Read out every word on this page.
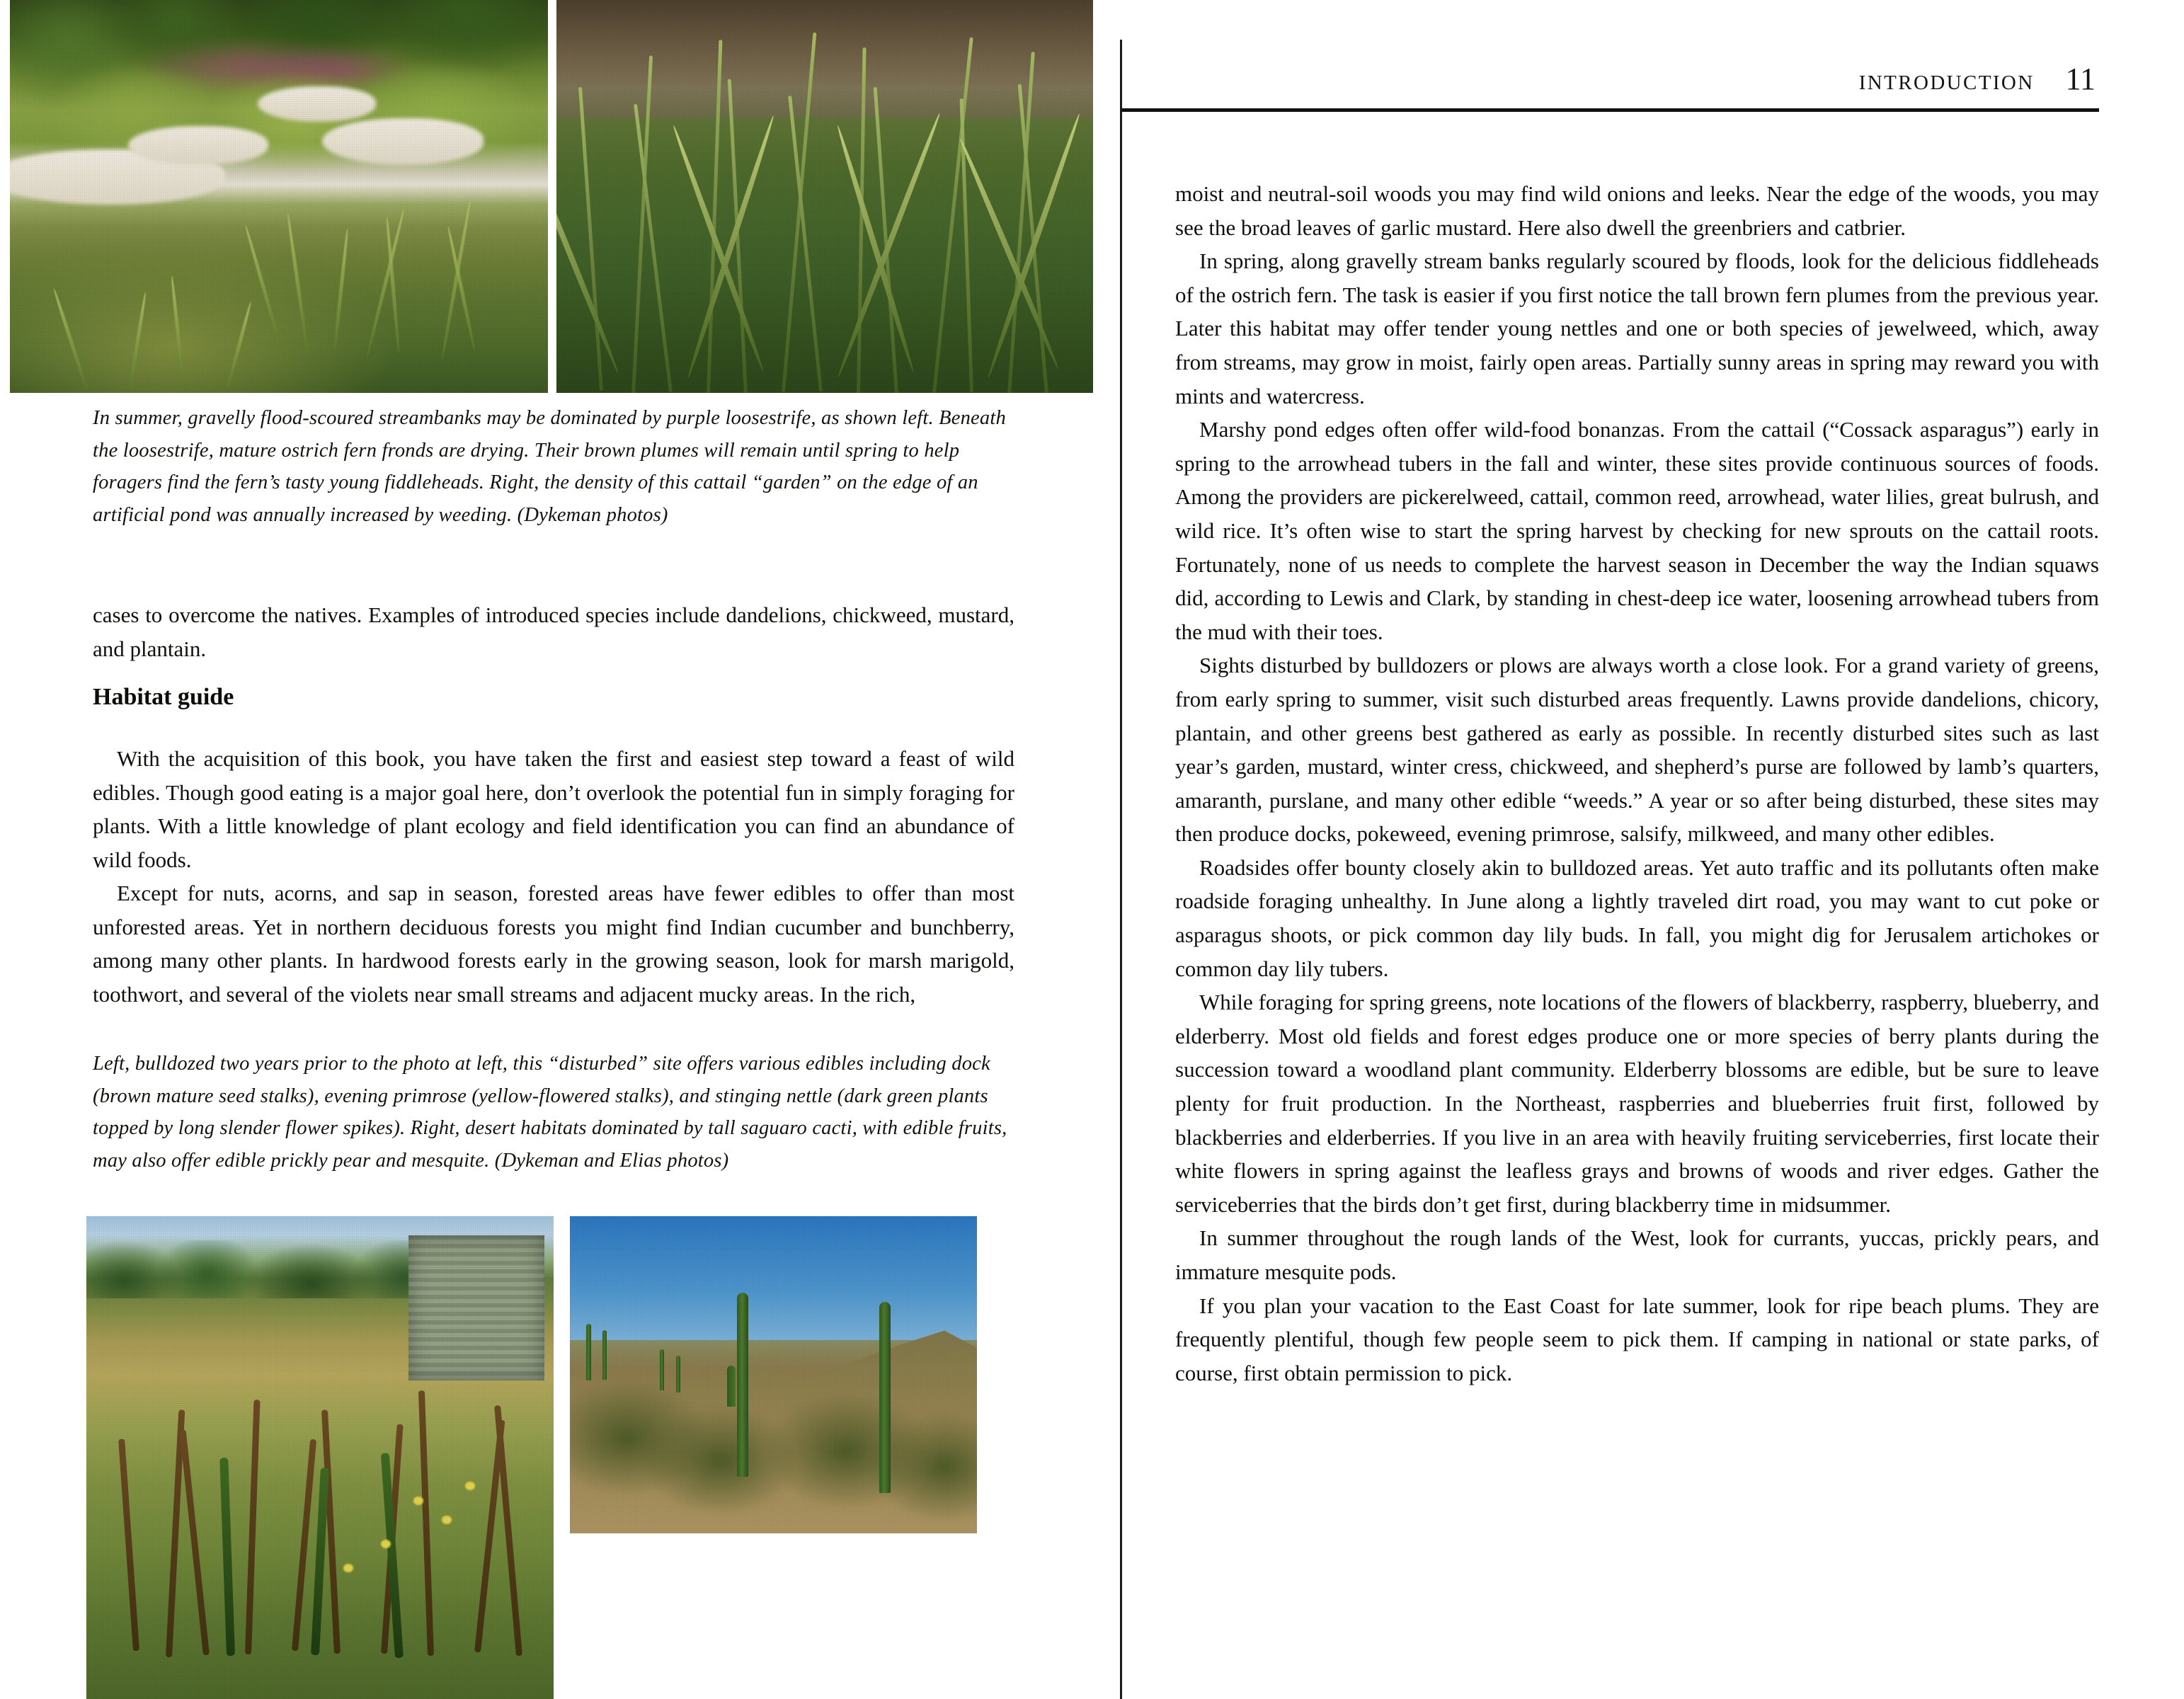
In summer, gravelly flood-scoured streambanks may be dominated by purple loosestrife, as shown left. Beneath the loosestrife, mature ostrich fern fronds are drying. Their brown plumes will remain until spring to help foragers find the fern’s tasty young fiddleheads. Right, the density of this cattail “garden” on the edge of an artificial pond was annually increased by weeding. (Dykeman photos)

cases to overcome the natives. Examples of introduced species include dandelions, chickweed, mustard, and plantain.

Habitat guide

With the acquisition of this book, you have taken the first and easiest step toward a feast of wild edibles. Though good eating is a major goal here, don’t overlook the potential fun in simply foraging for plants. With a little knowledge of plant ecology and field identification you can find an abundance of wild foods.

Except for nuts, acorns, and sap in season, forested areas have fewer edibles to offer than most unforested areas. Yet in northern deciduous forests you might find Indian cucumber and bunchberry, among many other plants. In hardwood forests early in the growing season, look for marsh marigold, toothwort, and several of the violets near small streams and adjacent mucky areas. In the rich,

Left, bulldozed two years prior to the photo at left, this “disturbed” site offers various edibles including dock (brown mature seed stalks), evening primrose (yellow-flowered stalks), and stinging nettle (dark green plants topped by long slender flower spikes). Right, desert habitats dominated by tall saguaro cacti, with edible fruits, may also offer edible prickly pear and mesquite. (Dykeman and Elias photos)
INTRODUCTION 11

moist and neutral-soil woods you may find wild onions and leeks. Near the edge of the woods, you may see the broad leaves of garlic mustard. Here also dwell the greenbriers and catbrier.

In spring, along gravelly stream banks regularly scoured by floods, look for the delicious fiddleheads of the ostrich fern. The task is easier if you first notice the tall brown fern plumes from the previous year. Later this habitat may offer tender young nettles and one or both species of jewelweed, which, away from streams, may grow in moist, fairly open areas. Partially sunny areas in spring may reward you with mints and watercress.

Marshy pond edges often offer wild-food bonanzas. From the cattail (“Cossack asparagus”) early in spring to the arrowhead tubers in the fall and winter, these sites provide continuous sources of foods. Among the providers are pickerelweed, cattail, common reed, arrowhead, water lilies, great bulrush, and wild rice. It’s often wise to start the spring harvest by checking for new sprouts on the cattail roots. Fortunately, none of us needs to complete the harvest season in December the way the Indian squaws did, according to Lewis and Clark, by standing in chest-deep ice water, loosening arrowhead tubers from the mud with their toes.

Sights disturbed by bulldozers or plows are always worth a close look. For a grand variety of greens, from early spring to summer, visit such disturbed areas frequently. Lawns provide dandelions, chicory, plantain, and other greens best gathered as early as possible. In recently disturbed sites such as last year’s garden, mustard, winter cress, chickweed, and shepherd’s purse are followed by lamb’s quarters, amaranth, purslane, and many other edible “weeds.” A year or so after being disturbed, these sites may then produce docks, pokeweed, evening primrose, salsify, milkweed, and many other edibles.

Roadsides offer bounty closely akin to bulldozed areas. Yet auto traffic and its pollutants often make roadside foraging unhealthy. In June along a lightly traveled dirt road, you may want to cut poke or asparagus shoots, or pick common day lily buds. In fall, you might dig for Jerusalem artichokes or common day lily tubers.

While foraging for spring greens, note locations of the flowers of blackberry, raspberry, blueberry, and elderberry. Most old fields and forest edges produce one or more species of berry plants during the succession toward a woodland plant community. Elderberry blossoms are edible, but be sure to leave plenty for fruit production. In the Northeast, raspberries and blueberries fruit first, followed by blackberries and elderberries. If you live in an area with heavily fruiting serviceberries, first locate their white flowers in spring against the leafless grays and browns of woods and river edges. Gather the serviceberries that the birds don’t get first, during blackberry time in midsummer.

In summer throughout the rough lands of the West, look for currants, yuccas, prickly pears, and immature mesquite pods.

If you plan your vacation to the East Coast for late summer, look for ripe beach plums. They are frequently plentiful, though few people seem to pick them. If camping in national or state parks, of course, first obtain permission to pick.
